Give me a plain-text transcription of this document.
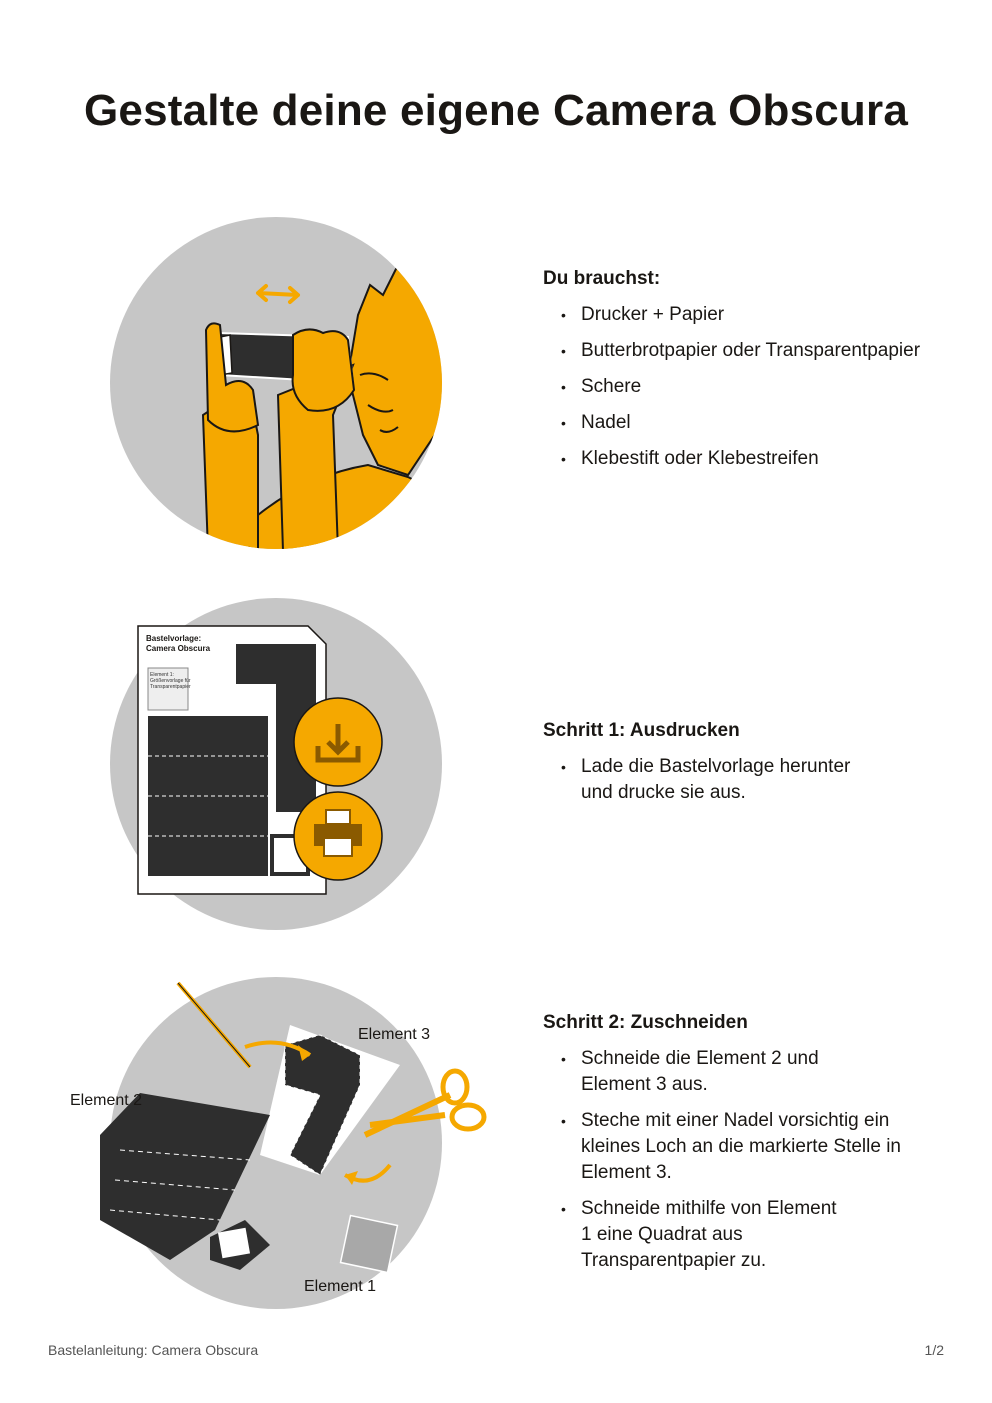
Gestalte deine eigene Camera Obscura
Du brauchst:
• Drucker + Papier
• Butterbrotpapier oder Transparentpapier
• Schere
• Nadel
• Klebestift oder Klebestreifen
Bastelvorlage:
Camera Obscura
Element 3
Element 1:
Größenvorlage für
Transparentpapier
Schritt 1: Ausdrucken
• Lade die Bastelvorlage herunter und drucke sie aus.
Element 3
Element 2
Element 1
Schritt 2: Zuschneiden
• Schneide die Element 2 und Element 3 aus.
• Steche mit einer Nadel vorsichtig ein kleines Loch an die markierte Stelle in Element 3.
• Schneide mithilfe von Element 1 eine Quadrat aus Transparentpapier zu.
Bastelanleitung: Camera Obscura	1/2
